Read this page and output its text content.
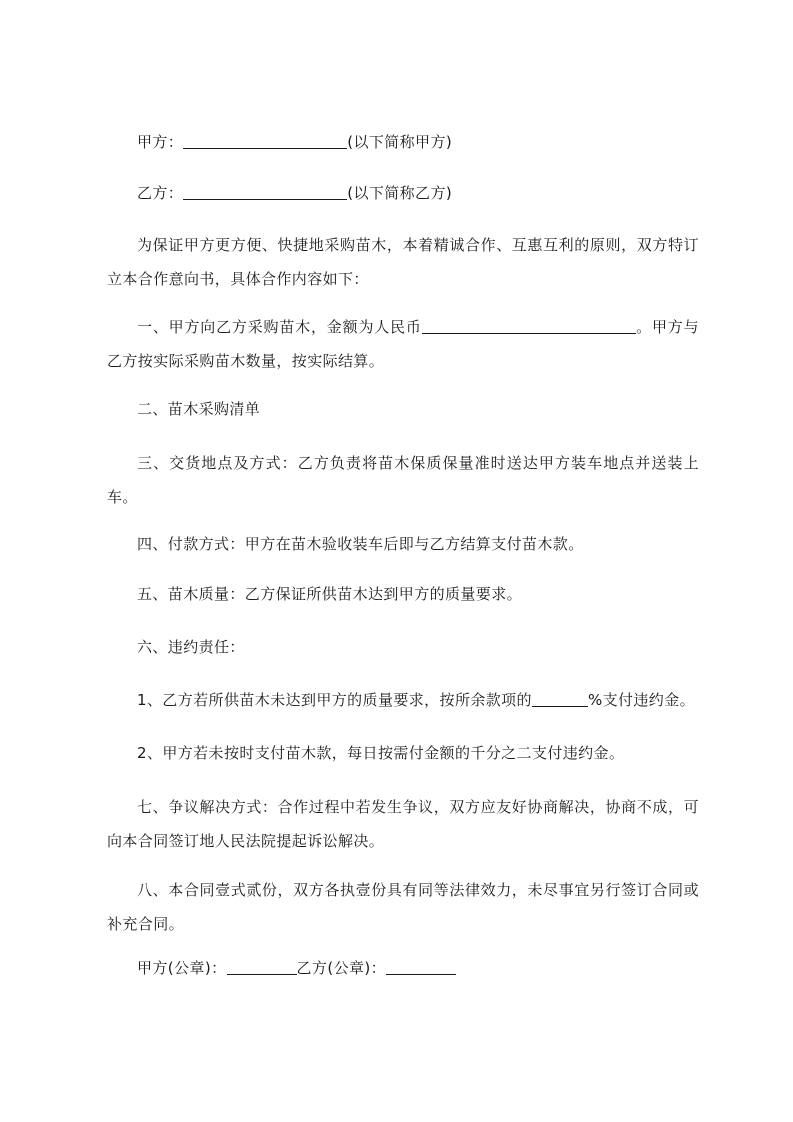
甲方：	(以下简称甲方)
乙方：	(以下简称乙方)
为保证甲方更方便、快捷地采购苗木，本着精诚合作、互惠互利的原则，双方特订立本合作意向书，具体合作内容如下：
一、甲方向乙方采购苗木，金额为人民币	。甲方与乙方按实际采购苗木数量，按实际结算。
二、苗木采购清单
三、交货地点及方式：乙方负责将苗木保质保量准时送达甲方装车地点并送装上车。
四、付款方式：甲方在苗木验收装车后即与乙方结算支付苗木款。
五、苗木质量：乙方保证所供苗木达到甲方的质量要求。
六、违约责任：
1、乙方若所供苗木未达到甲方的质量要求，按所余款项的	%支付违约金。
2、甲方若未按时支付苗木款，每日按需付金额的千分之二支付违约金。
七、争议解决方式：合作过程中若发生争议，双方应友好协商解决，协商不成，可向本合同签订地人民法院提起诉讼解决。
八、本合同壹式贰份，双方各执壹份具有同等法律效力，未尽事宜另行签订合同或补充合同。
甲方(公章)：	乙方(公章)：
